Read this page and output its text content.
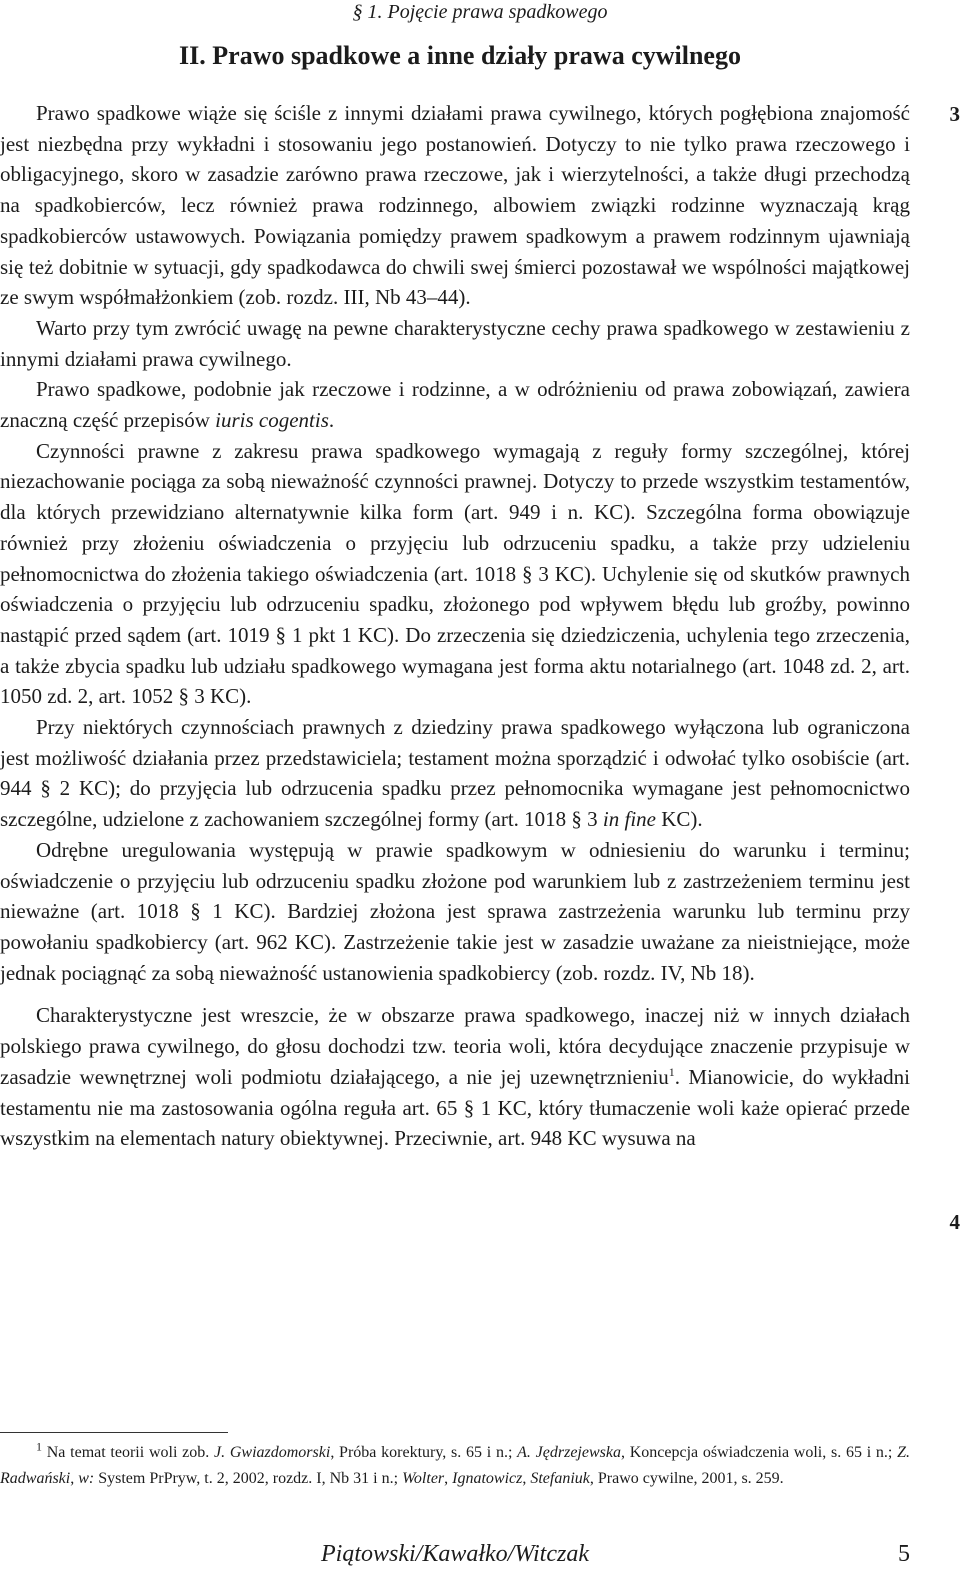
§ 1. Pojęcie prawa spadkowego
II. Prawo spadkowe a inne działy prawa cywilnego
3
4

Prawo spadkowe wiąże się ściśle z innymi działami prawa cywilnego, których pogłębiona znajomość jest niezbędna przy wykładni i stosowaniu jego postanowień. Dotyczy to nie tylko prawa rzeczowego i obligacyjnego, skoro w zasadzie zarówno prawa rzeczowe, jak i wierzytelności, a także długi przechodzą na spadkobierców, lecz również prawa rodzinnego, albowiem związki rodzinne wyznaczają krąg spadkobierców ustawowych. Powiązania pomiędzy prawem spadkowym a prawem rodzinnym ujawniają się też dobitnie w sytuacji, gdy spadkodawca do chwili swej śmierci pozostawał we wspólności majątkowej ze swym współmałżonkiem (zob. rozdz. III, Nb 43–44).

Warto przy tym zwrócić uwagę na pewne charakterystyczne cechy prawa spadkowego w zestawieniu z innymi działami prawa cywilnego.

Prawo spadkowe, podobnie jak rzeczowe i rodzinne, a w odróżnieniu od prawa zobowiązań, zawiera znaczną część przepisów iuris cogentis.

Czynności prawne z zakresu prawa spadkowego wymagają z reguły formy szczególnej, której niezachowanie pociąga za sobą nieważność czynności prawnej. Dotyczy to przede wszystkim testamentów, dla których przewidziano alternatywnie kilka form (art. 949 i n. KC). Szczególna forma obowiązuje również przy złożeniu oświadczenia o przyjęciu lub odrzuceniu spadku, a także przy udzieleniu pełnomocnictwa do złożenia takiego oświadczenia (art. 1018 § 3 KC). Uchylenie się od skutków prawnych oświadczenia o przyjęciu lub odrzuceniu spadku, złożonego pod wpływem błędu lub groźby, powinno nastąpić przed sądem (art. 1019 § 1 pkt 1 KC). Do zrzeczenia się dziedziczenia, uchylenia tego zrzeczenia, a także zbycia spadku lub udziału spadkowego wymagana jest forma aktu notarialnego (art. 1048 zd. 2, art. 1050 zd. 2, art. 1052 § 3 KC).

Przy niektórych czynnościach prawnych z dziedziny prawa spadkowego wyłączona lub ograniczona jest możliwość działania przez przedstawiciela; testament można sporządzić i odwołać tylko osobiście (art. 944 § 2 KC); do przyjęcia lub odrzucenia spadku przez pełnomocnika wymagane jest pełnomocnictwo szczególne, udzielone z zachowaniem szczególnej formy (art. 1018 § 3 in fine KC).

Odrębne uregulowania występują w prawie spadkowym w odniesieniu do warunku i terminu; oświadczenie o przyjęciu lub odrzuceniu spadku złożone pod warunkiem lub z zastrzeżeniem terminu jest nieważne (art. 1018 § 1 KC). Bardziej złożona jest sprawa zastrzeżenia warunku lub terminu przy powołaniu spadkobiercy (art. 962 KC). Zastrzeżenie takie jest w zasadzie uważane za nieistniejące, może jednak pociągnąć za sobą nieważność ustanowienia spadkobiercy (zob. rozdz. IV, Nb 18).

Charakterystyczne jest wreszcie, że w obszarze prawa spadkowego, inaczej niż w innych działach polskiego prawa cywilnego, do głosu dochodzi tzw. teoria woli, która decydujące znaczenie przypisuje w zasadzie wewnętrznej woli podmiotu działającego, a nie jej uzewnętrznieniu$^1$. Mianowicie, do wykładni testamentu nie ma zastosowania ogólna reguła art. 65 § 1 KC, który tłumaczenie woli każe opierać przede wszystkim na elementach natury obiektywnej. Przeciwnie, art. 948 KC wysuwa na

$^1$ Na temat teorii woli zob. J. Gwiazdomorski, Próba korektury, s. 65 i n.; A. Jędrzejewska, Koncepcja oświadczenia woli, s. 65 i n.; Z. Radwański, w: System PrPryw, t. 2, 2002, rozdz. I, Nb 31 i n.; Wolter, Ignatowicz, Stefaniuk, Prawo cywilne, 2001, s. 259.

Piątowski/Kawałko/Witczak	5
